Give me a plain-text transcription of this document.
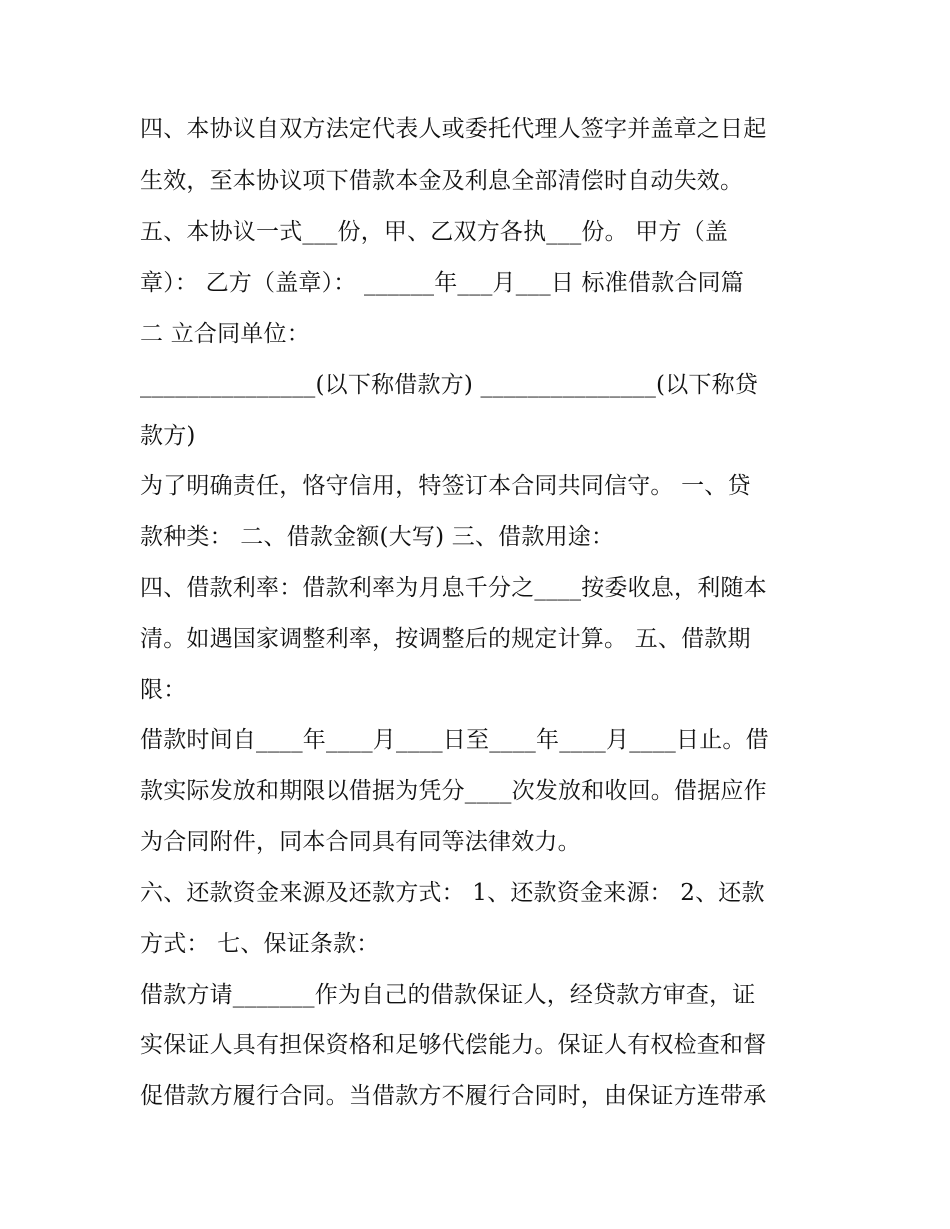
四、本协议自双方法定代表人或委托代理人签字并盖章之日起
生效，至本协议项下借款本金及利息全部清偿时自动失效。
五、本协议一式___份，甲、乙双方各执___份。 甲方（盖
章）： 乙方（盖章）： ______年___月___日 标准借款合同篇
二 立合同单位：
_______________(以下称借款方) _______________(以下称贷
款方)
为了明确责任，恪守信用，特签订本合同共同信守。 一、贷
款种类： 二、借款金额(大写) 三、借款用途：
四、借款利率：借款利率为月息千分之____按委收息，利随本
清。如遇国家调整利率，按调整后的规定计算。 五、借款期
限：
借款时间自____年____月____日至____年____月____日止。借
款实际发放和期限以借据为凭分____次发放和收回。借据应作
为合同附件，同本合同具有同等法律效力。
六、还款资金来源及还款方式： 1、还款资金来源： 2、还款
方式： 七、保证条款：
借款方请_______作为自己的借款保证人，经贷款方审查，证
实保证人具有担保资格和足够代偿能力。保证人有权检查和督
促借款方履行合同。当借款方不履行合同时，由保证方连带承
